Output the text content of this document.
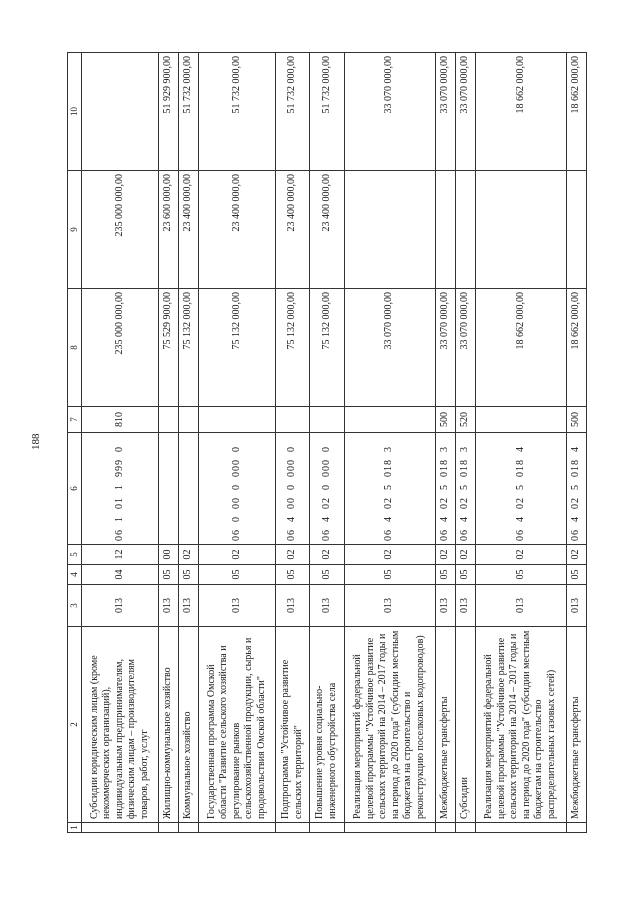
188
1	2	3	4	5	6	7	8	9	10
	Субсидии юридическим лицам (кроме некоммерческих организаций), индивидуальным предпринимателям, физическим лицам – производителям товаров, работ, услуг	013	04	12	06  1  01  1  999  0	810	235 000 000,00	235 000 000,00	
	Жилищно-коммунальное хозяйство	013	05	00			75 529 900,00	23 600 000,00	51 929 900,00
	Коммунальное хозяйство	013	05	02			75 132 000,00	23 400 000,00	51 732 000,00
	Государственная программа Омской области "Развитие сельского хозяйства и регулирование рынков сельскохозяйственной продукции, сырья и продовольствия Омской области"	013	05	02	06  0  00  0  000  0		75 132 000,00	23 400 000,00	51 732 000,00
	Подпрограмма "Устойчивое развитие сельских территорий"	013	05	02	06  4  00  0  000  0		75 132 000,00	23 400 000,00	51 732 000,00
	Повышение уровня социально-инженерного обустройства села	013	05	02	06  4  02  0  000  0		75 132 000,00	23 400 000,00	51 732 000,00
	Реализация мероприятий федеральной целевой программы "Устойчивое развитие сельских территорий на 2014 – 2017 годы и на период до 2020 года" (субсидии местным бюджетам на строительство и реконструкцию поселковых водопроводов)	013	05	02	06  4  02  5  018  3		33 070 000,00		33 070 000,00
	Межбюджетные трансферты	013	05	02	06  4  02  5  018  3	500	33 070 000,00		33 070 000,00
	Субсидии	013	05	02	06  4  02  5  018  3	520	33 070 000,00		33 070 000,00
	Реализация мероприятий федеральной целевой программы "Устойчивое развитие сельских территорий на 2014 – 2017 годы и на период до 2020 года" (субсидии местным бюджетам на строительство распределительных газовых сетей)	013	05	02	06  4  02  5  018  4		18 662 000,00		18 662 000,00
	Межбюджетные трансферты	013	05	02	06  4  02  5  018  4	500	18 662 000,00		18 662 000,00
